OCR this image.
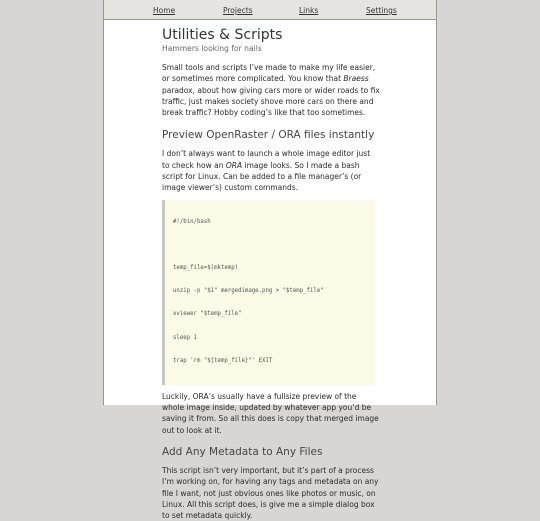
Home	Projects	Links	Settings
Utilities & Scripts
Hammers looking for nails

Small tools and scripts I’ve made to make my life easier, or sometimes more complicated. You know that Braess paradox, about how giving cars more or wider roads to fix traffic, just makes society shove more cars on there and break traffic? Hobby coding’s like that too sometimes.

Preview OpenRaster / ORA files instantly

I don’t always want to launch a whole image editor just to check how an ORA image looks. So I made a bash script for Linux. Can be added to a file manager’s (or image viewer’s) custom commands.

#!/bin/bash

temp_file=$(mktemp)

unzip -p "$1" mergedimage.png > "$temp_file"

xviewer "$temp_file"

sleep 1

trap 'rm "${temp_file}"' EXIT

Luckily, ORA’s usually have a fullsize preview of the whole image inside, updated by whatever app you’d be saving it from. So all this does is copy that merged image out to look at it.

Add Any Metadata to Any Files

This script isn’t very important, but it’s part of a process I’m working on, for having any tags and metadata on any file I want, not just obvious ones like photos or music, on Linux. All this script does, is give me a simple dialog box to set metadata quickly.
